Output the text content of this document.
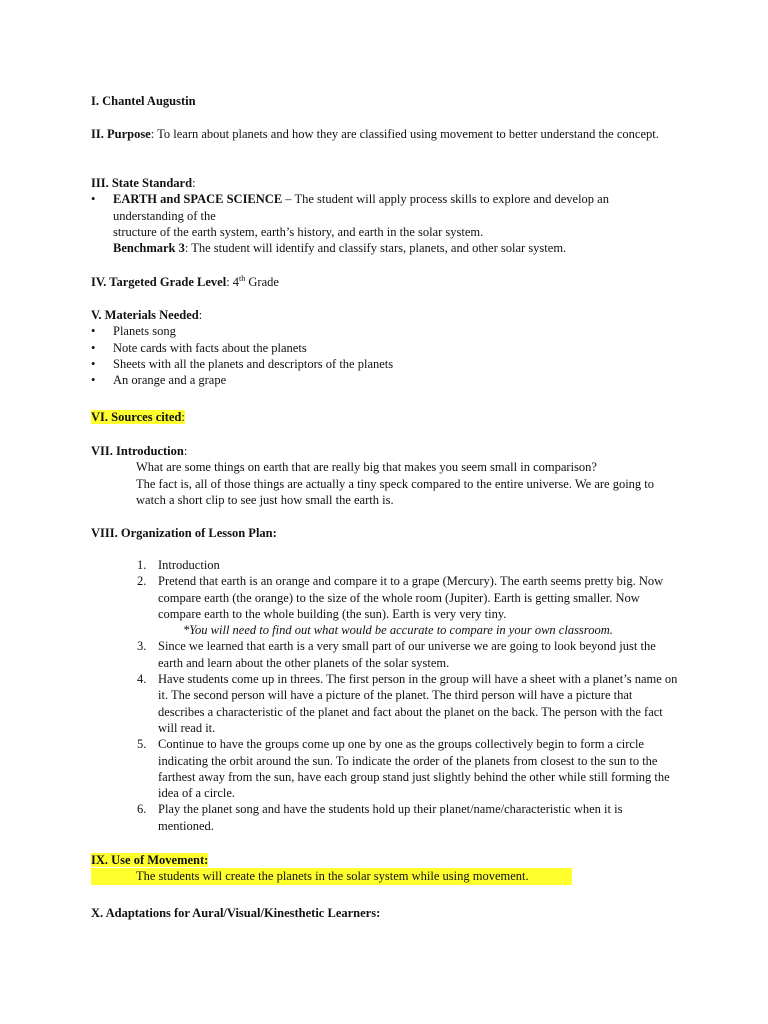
I. Chantel Augustin

II. Purpose: To learn about planets and how they are classified using movement to better understand the concept.

III. State Standard:
• EARTH and SPACE SCIENCE – The student will apply process skills to explore and develop an understanding of the
structure of the earth system, earth’s history, and earth in the solar system.
Benchmark 3: The student will identify and classify stars, planets, and other solar system.

IV. Targeted Grade Level: 4th Grade

V. Materials Needed:
• Planets song
• Note cards with facts about the planets
• Sheets with all the planets and descriptors of the planets
• An orange and a grape

VI. Sources cited:

VII. Introduction:
What are some things on earth that are really big that makes you seem small in comparison?
The fact is, all of those things are actually a tiny speck compared to the entire universe. We are going to watch a short clip to see just how small the earth is.

VIII. Organization of Lesson Plan:

1. Introduction
2. Pretend that earth is an orange and compare it to a grape (Mercury). The earth seems pretty big. Now compare earth (the orange) to the size of the whole room (Jupiter). Earth is getting smaller. Now compare earth to the whole building (the sun). Earth is very very tiny.
*You will need to find out what would be accurate to compare in your own classroom.
3. Since we learned that earth is a very small part of our universe we are going to look beyond just the earth and learn about the other planets of the solar system.
4. Have students come up in threes. The first person in the group will have a sheet with a planet’s name on it. The second person will have a picture of the planet. The third person will have a picture that describes a characteristic of the planet and fact about the planet on the back. The person with the fact will read it.
5. Continue to have the groups come up one by one as the groups collectively begin to form a circle indicating the orbit around the sun. To indicate the order of the planets from closest to the sun to the farthest away from the sun, have each group stand just slightly behind the other while still forming the idea of a circle.
6. Play the planet song and have the students hold up their planet/name/characteristic when it is mentioned.
IX. Use of Movement:
The students will create the planets in the solar system while using movement.

X. Adaptations for Aural/Visual/Kinesthetic Learners:
